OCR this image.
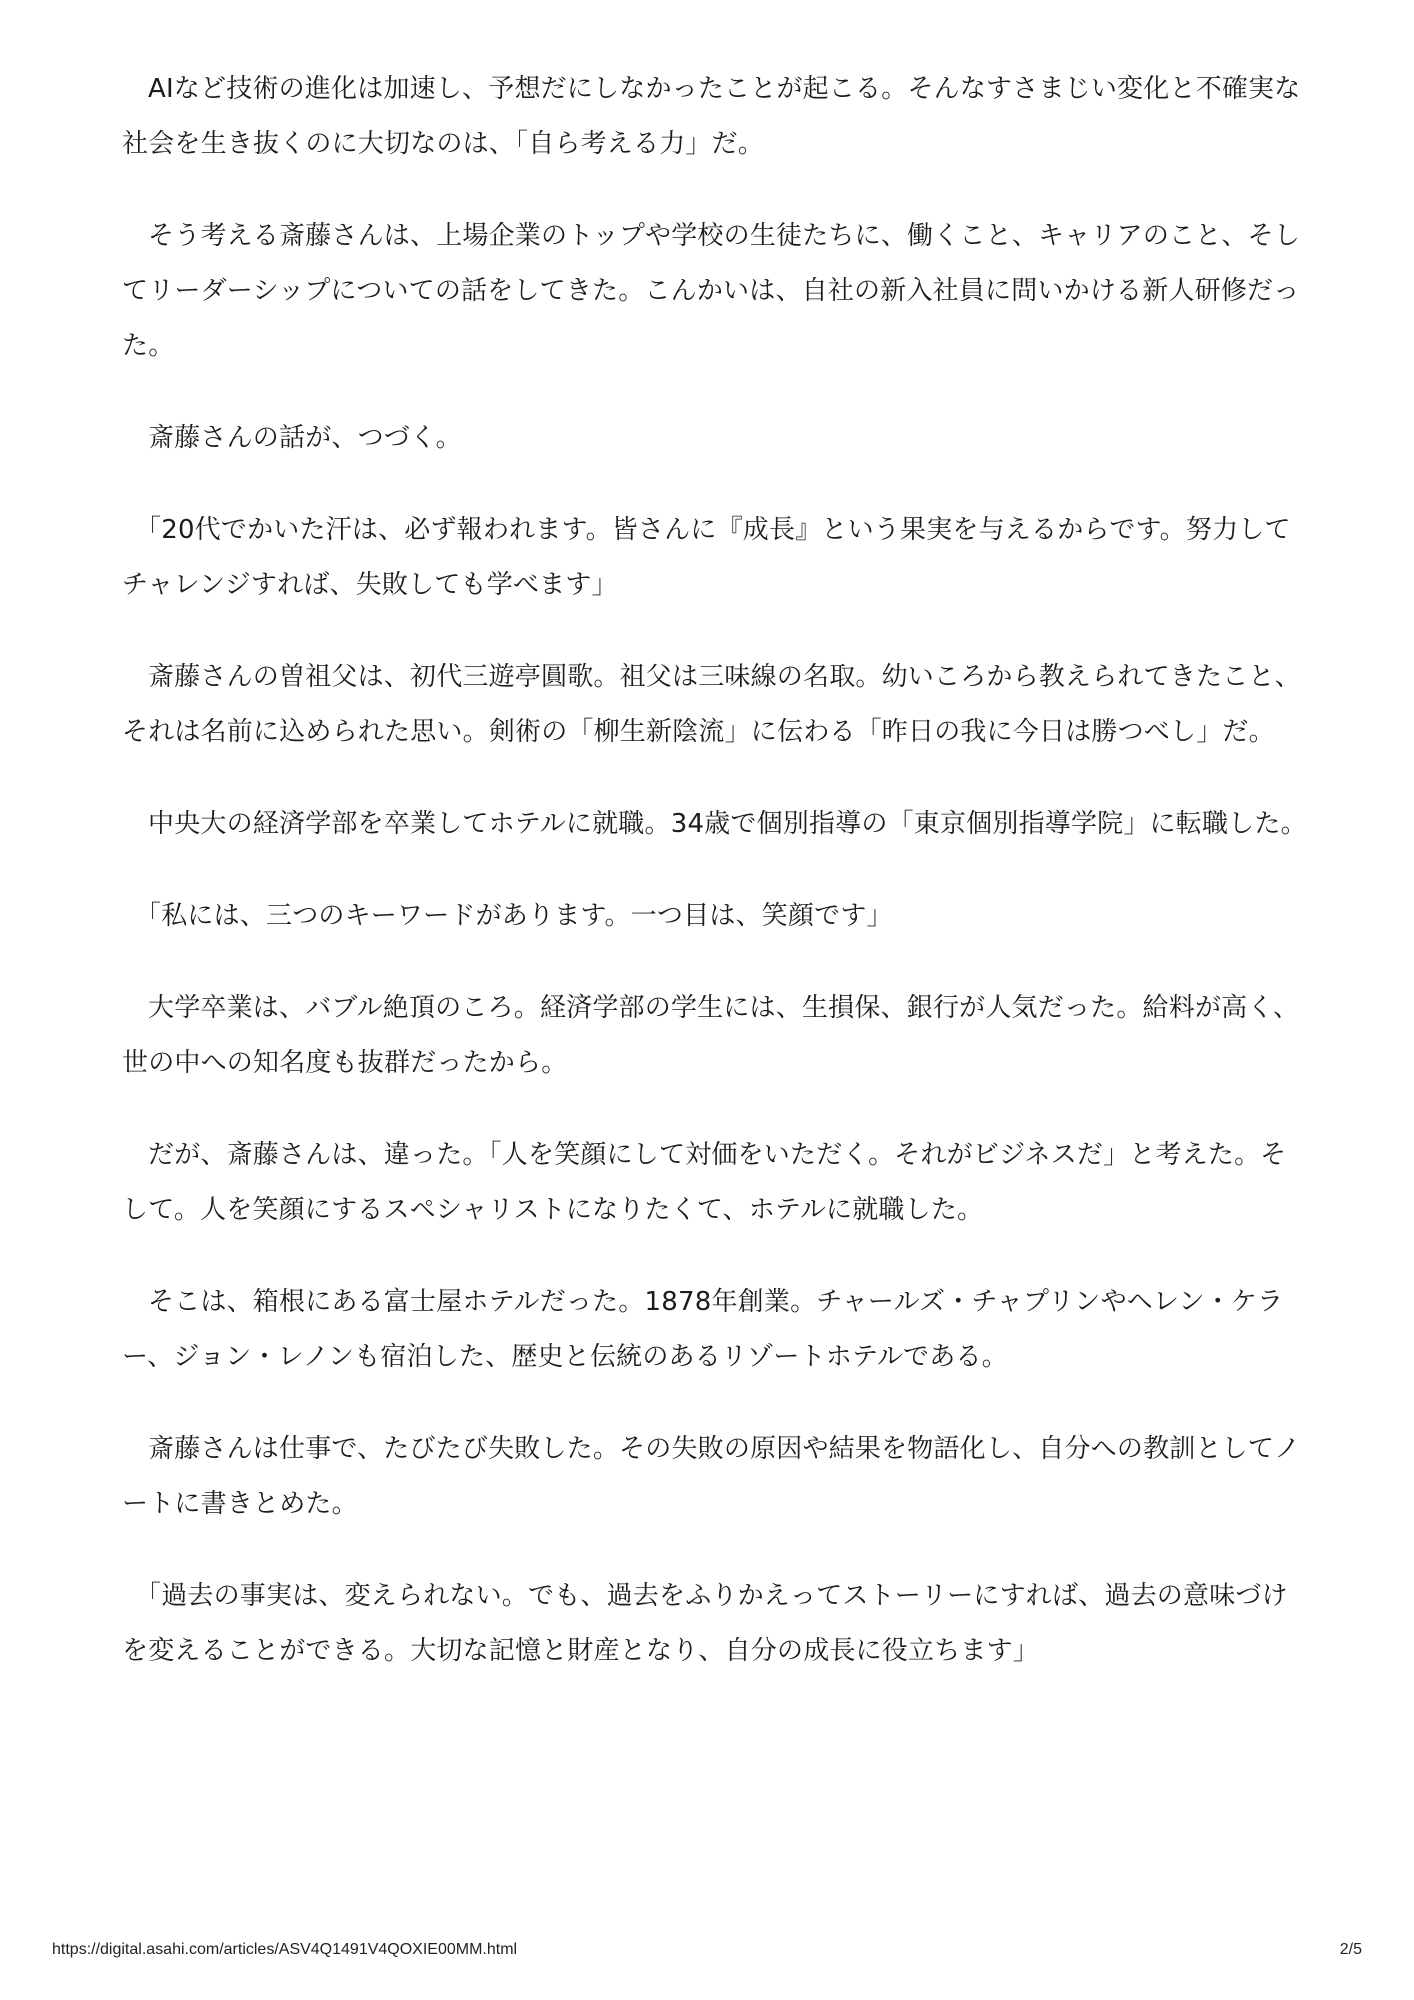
AIなど技術の進化は加速し、予想だにしなかったことが起こる。そんなすさまじい変化と不確実な社会を生き抜くのに大切なのは、「自ら考える力」だ。

そう考える斎藤さんは、上場企業のトップや学校の生徒たちに、働くこと、キャリアのこと、そしてリーダーシップについての話をしてきた。こんかいは、自社の新入社員に問いかける新人研修だった。

斎藤さんの話が、つづく。

「20代でかいた汗は、必ず報われます。皆さんに『成長』という果実を与えるからです。努力してチャレンジすれば、失敗しても学べます」

斎藤さんの曽祖父は、初代三遊亭圓歌。祖父は三味線の名取。幼いころから教えられてきたこと、それは名前に込められた思い。剣術の「柳生新陰流」に伝わる「昨日の我に今日は勝つべし」だ。

中央大の経済学部を卒業してホテルに就職。34歳で個別指導の「東京個別指導学院」に転職した。

「私には、三つのキーワードがあります。一つ目は、笑顔です」

大学卒業は、バブル絶頂のころ。経済学部の学生には、生損保、銀行が人気だった。給料が高く、世の中への知名度も抜群だったから。

だが、斎藤さんは、違った。「人を笑顔にして対価をいただく。それがビジネスだ」と考えた。そして。人を笑顔にするスペシャリストになりたくて、ホテルに就職した。

そこは、箱根にある富士屋ホテルだった。1878年創業。チャールズ・チャプリンやヘレン・ケラー、ジョン・レノンも宿泊した、歴史と伝統のあるリゾートホテルである。

斎藤さんは仕事で、たびたび失敗した。その失敗の原因や結果を物語化し、自分への教訓としてノートに書きとめた。

「過去の事実は、変えられない。でも、過去をふりかえってストーリーにすれば、過去の意味づけを変えることができる。大切な記憶と財産となり、自分の成長に役立ちます」

https://digital.asahi.com/articles/ASV4Q1491V4QOXIE00MM.html	2/5
